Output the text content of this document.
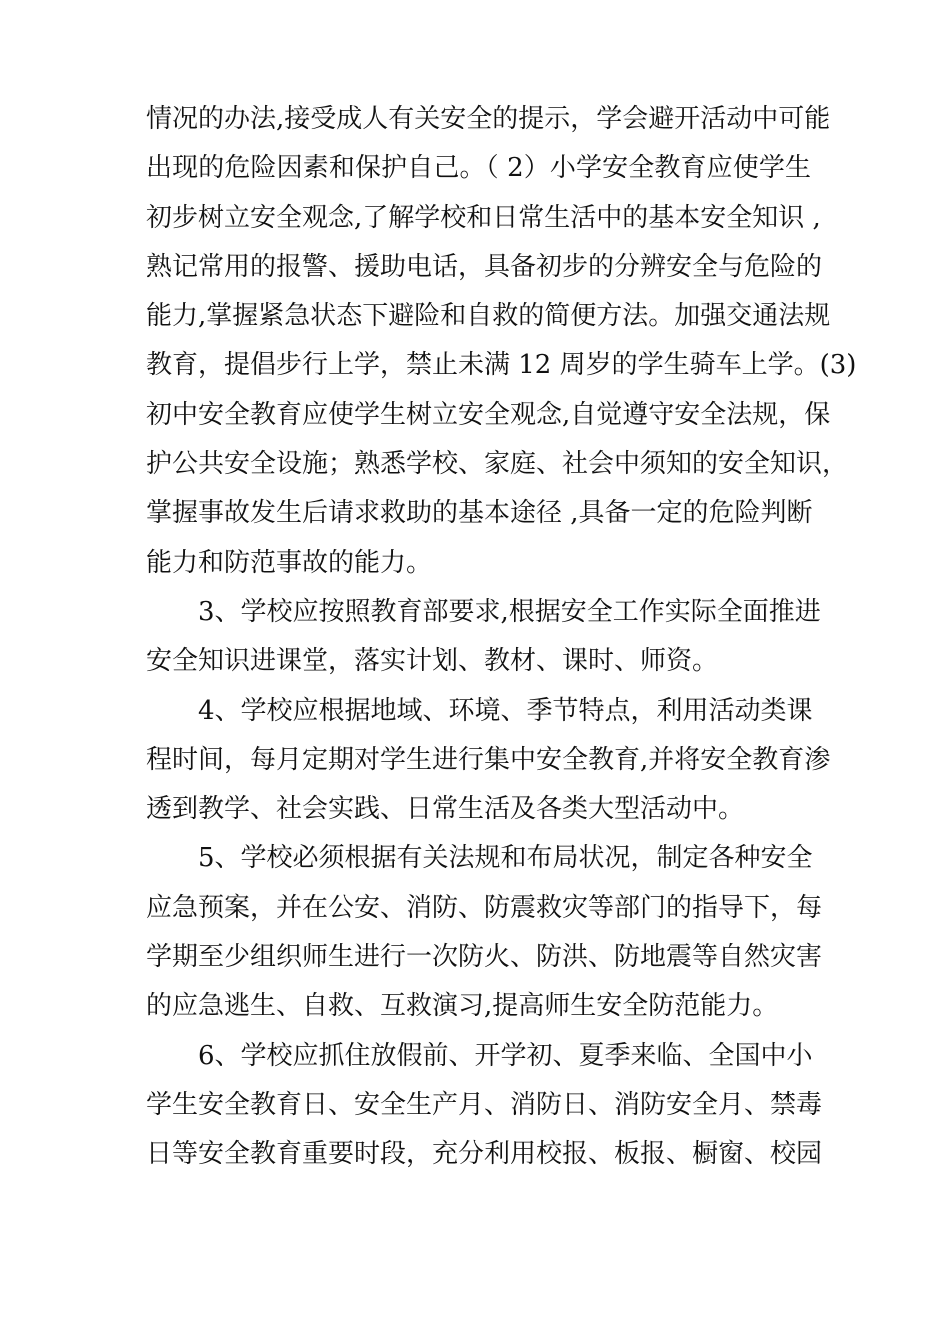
情况的办法,接受成人有关安全的提示，学会避开活动中可能
出现的危险因素和保护自己。（ 2）小学安全教育应使学生
初步树立安全观念,了解学校和日常生活中的基本安全知识 ,
熟记常用的报警、援助电话，具备初步的分辨安全与危险的
能力,掌握紧急状态下避险和自救的简便方法。加强交通法规
教育，提倡步行上学，禁止未满 12 周岁的学生骑车上学。(3)
初中安全教育应使学生树立安全观念,自觉遵守安全法规，保
护公共安全设施；熟悉学校、家庭、社会中须知的安全知识，
掌握事故发生后请求救助的基本途径 ,具备一定的危险判断
能力和防范事故的能力。
3、学校应按照教育部要求,根据安全工作实际全面推进
安全知识进课堂，落实计划、教材、课时、师资。
4、学校应根据地域、环境、季节特点，利用活动类课
程时间，每月定期对学生进行集中安全教育,并将安全教育渗
透到教学、社会实践、日常生活及各类大型活动中。
5、学校必须根据有关法规和布局状况，制定各种安全
应急预案，并在公安、消防、防震救灾等部门的指导下，每
学期至少组织师生进行一次防火、防洪、防地震等自然灾害
的应急逃生、自救、互救演习,提高师生安全防范能力。
6、学校应抓住放假前、开学初、夏季来临、全国中小
学生安全教育日、安全生产月、消防日、消防安全月、禁毒
日等安全教育重要时段，充分利用校报、板报、橱窗、校园
